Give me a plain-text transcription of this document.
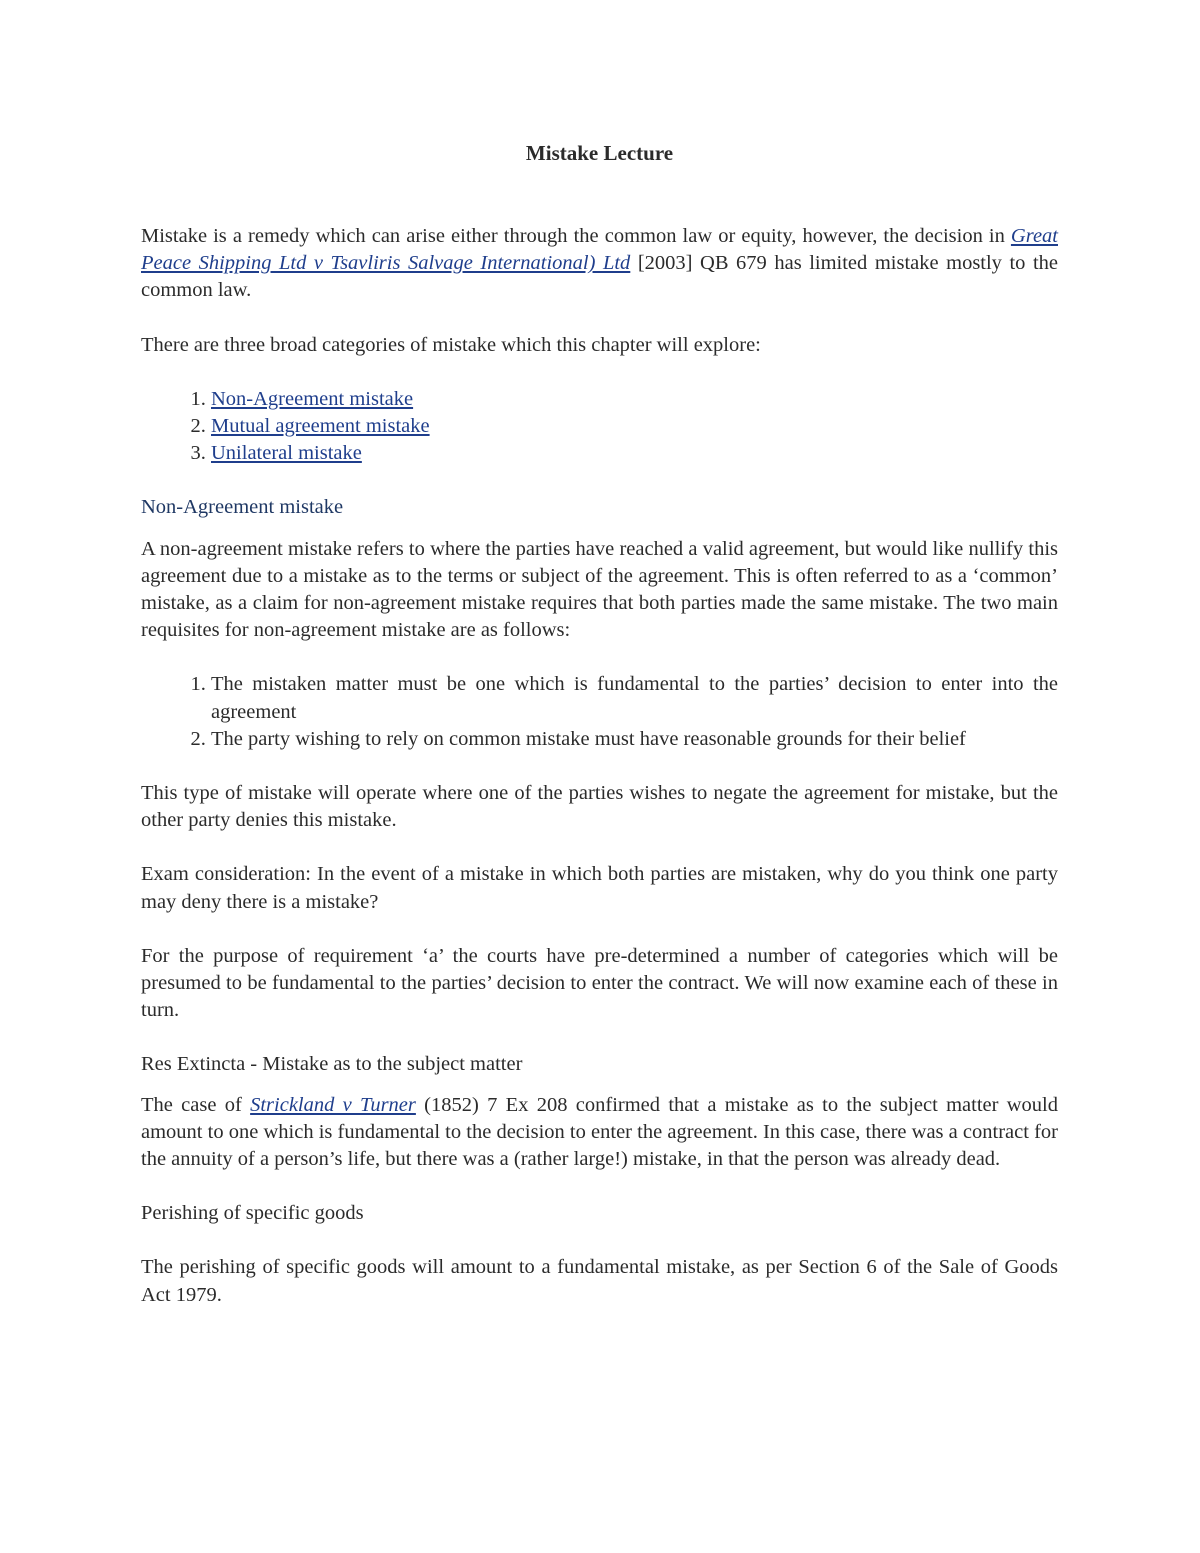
Mistake Lecture

Mistake is a remedy which can arise either through the common law or equity, however, the decision in Great Peace Shipping Ltd v Tsavliris Salvage International) Ltd [2003] QB 679 has limited mistake mostly to the common law.

There are three broad categories of mistake which this chapter will explore:

1. Non-Agreement mistake
2. Mutual agreement mistake
3. Unilateral mistake
Non-Agreement mistake

A non-agreement mistake refers to where the parties have reached a valid agreement, but would like nullify this agreement due to a mistake as to the terms or subject of the agreement. This is often referred to as a ‘common’ mistake, as a claim for non-agreement mistake requires that both parties made the same mistake. The two main requisites for non-agreement mistake are as follows:

1. The mistaken matter must be one which is fundamental to the parties’ decision to enter into the agreement
2. The party wishing to rely on common mistake must have reasonable grounds for their belief

This type of mistake will operate where one of the parties wishes to negate the agreement for mistake, but the other party denies this mistake.

Exam consideration: In the event of a mistake in which both parties are mistaken, why do you think one party may deny there is a mistake?

For the purpose of requirement ‘a’ the courts have pre-determined a number of categories which will be presumed to be fundamental to the parties’ decision to enter the contract. We will now examine each of these in turn.

Res Extincta - Mistake as to the subject matter

The case of Strickland v Turner (1852) 7 Ex 208 confirmed that a mistake as to the subject matter would amount to one which is fundamental to the decision to enter the agreement. In this case, there was a contract for the annuity of a person’s life, but there was a (rather large!) mistake, in that the person was already dead.

Perishing of specific goods

The perishing of specific goods will amount to a fundamental mistake, as per Section 6 of the Sale of Goods Act 1979.
